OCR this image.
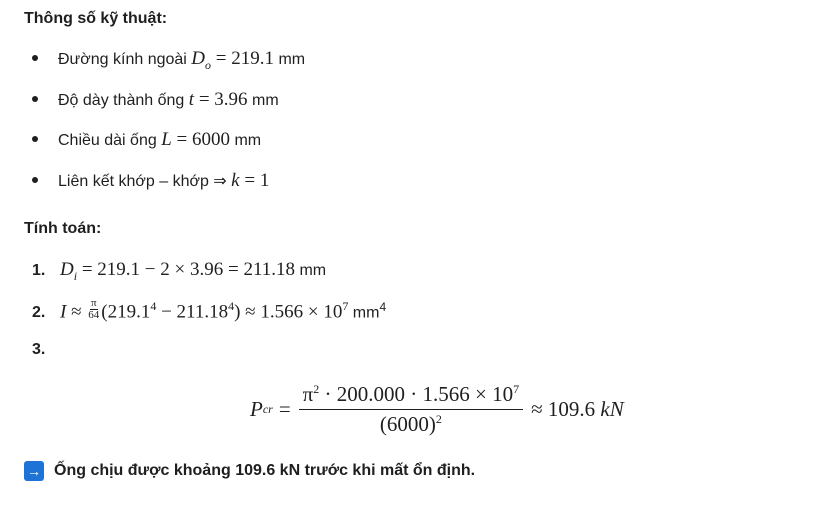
Thông số kỹ thuật:
Đường kính ngoài
$D_o = 219.1$
mm
Độ dày thành ống
t = 3.96
mm
Chiều dài ống
L = 6000
mm
Liên kết khớp – khớp ⇒
k = 1
Tính toán:
1. $D_i = 219.1 - 2 \times 3.96 = 211.18$
mm
2. $I \approx \frac{\pi}{64} (219.1^4 - 211.18^4) \approx 1.566 \times 10^7$
$mm^4$
3.
P cr = $\frac{\pi^2 \cdot 200.000 \cdot 1.566 \times 10^7}{(6000)^2} \approx 109.6$
kN
→ Ống chịu được khoảng 109.6 kN trước khi mất ổn định.
